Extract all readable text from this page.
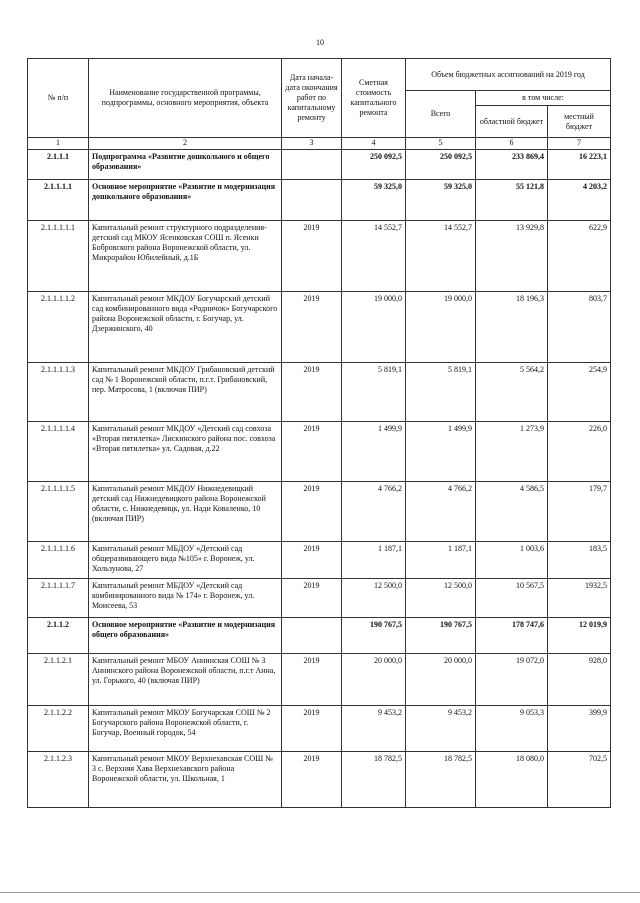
10
№ п/п	Наименование государственной программы, подпрограммы, основного мероприятия, объекта	Дата начала-дата окончания работ по капитальному ремонту	Сметная стоимость капитального ремонта	Объем бюджетных ассигнований на 2019 год		
				Всего	в том числе:	
					областной бюджет	местный бюджет
1	2	3	4	5	6	7
2.1.1.1	Подпрограмма «Развитие дошкольного и общего образования»		250 092,5	250 092,5	233 869,4	16 223,1
2.1.1.1.1	Основное мероприятие «Развитие и модернизация дошкольного образования»		59 325,0	59 325,0	55 121,8	4 203,2
2.1.1.1.1.1	Капитальный ремонт структурного подразделения-детский сад МКОУ Ясенковская СОШ п. Ясенки Бобровского района Воронежской области, ул. Микрорайон Юбилейный, д.1Б	2019	14 552,7	14 552,7	13 929,8	622,9
2.1.1.1.1.2	Капитальный ремонт МКДОУ Богучарский детский сад комбинированного вида «Родничок» Богучарского района Воронежской области, г. Богучар, ул. Дзержинского, 40	2019	19 000,0	19 000,0	18 196,3	803,7
2.1.1.1.1.3	Капитальный ремонт МКДОУ Грибановский детский сад № 1 Воронежской области, п.г.т. Грибановский, пер. Матросова, 1 (включая ПИР)	2019	5 819,1	5 819,1	5 564,2	254,9
2.1.1.1.1.4	Капитальный ремонт МКДОУ «Детский сад совхоза «Вторая пятилетка» Лискинского района пос. совхоза «Вторая пятилетка» ул. Садовая, д.22	2019	1 499,9	1 499,9	1 273,9	226,0
2.1.1.1.1.5	Капитальный ремонт МКДОУ Нижнедевицкий детский сад Нижнедевицкого района Воронежской области, с. Нижнедевицк, ул. Нади Коваленко, 10 (включая ПИР)	2019	4 766,2	4 766,2	4 586,5	179,7
2.1.1.1.1.6	Капитальный ремонт МБДОУ «Детский сад общеразвивающего вида №105» г. Воронеж, ул. Хользунова, 27	2019	1 187,1	1 187,1	1 003,6	183,5
2.1.1.1.1.7	Капитальный ремонт МБДОУ «Детский сад комбинированного вида № 174» г. Воронеж, ул. Моисеева, 53	2019	12 500,0	12 500,0	10 567,5	1932,5
2.1.1.2	Основное мероприятие «Развитие и модернизация общего образования»		190 767,5	190 767,5	178 747,6	12 019,9
2.1.1.2.1	Капитальный ремонт МБОУ Аннинская СОШ № 3 Аннинского района Воронежской области, п.г.т Анна, ул. Горького, 40 (включая ПИР)	2019	20 000,0	20 000,0	19 072,0	928,0
2.1.1.2.2	Капитальный ремонт МКОУ Богучарская СОШ № 2 Богучарского района Воронежской области, г. Богучар, Военный городок, 54	2019	9 453,2	9 453,2	9 053,3	399,9
2.1.1.2.3	Капитальный ремонт МКОУ Верхнехавская СОШ № 3 с. Верхняя Хава Верхнехавского района Воронежской области, ул. Школьная, 1	2019	18 782,5	18 782,5	18 080,0	702,5
